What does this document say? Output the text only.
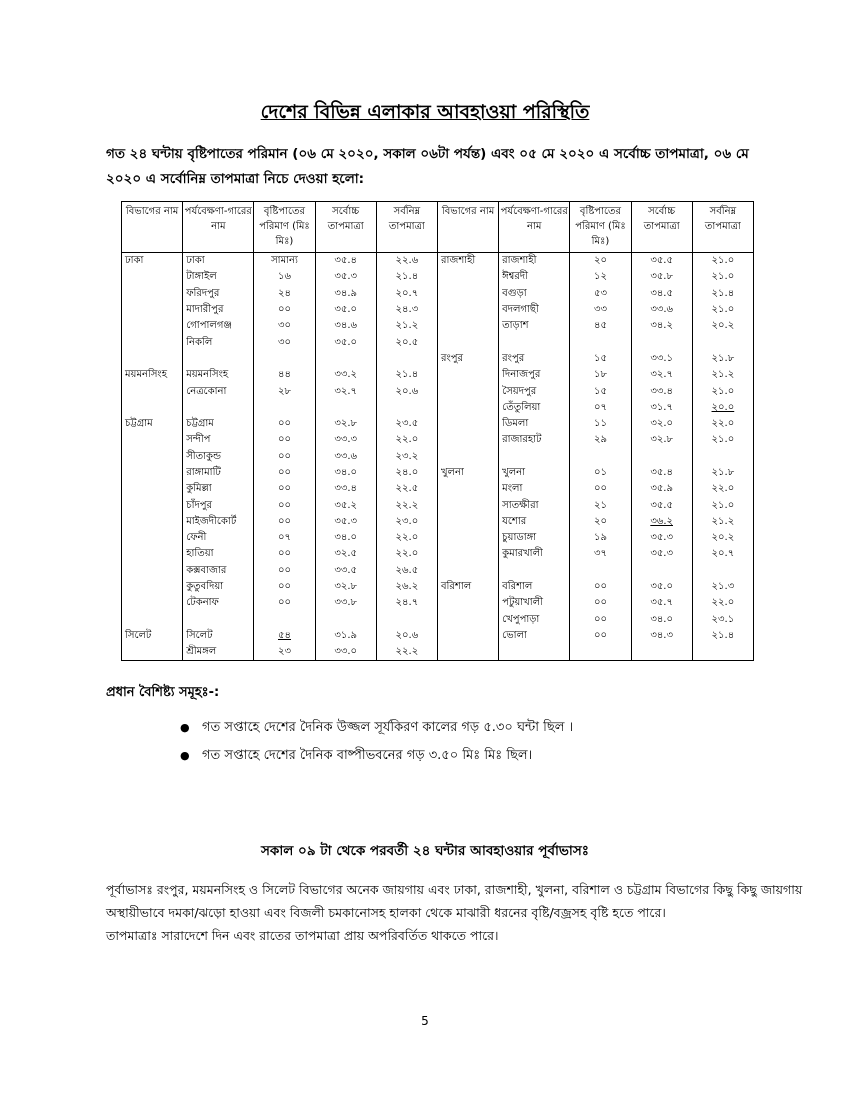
দেশের বিভিন্ন এলাকার আবহাওয়া পরিস্থিতি
গত ২৪ ঘন্টায় বৃষ্টিপাতের পরিমান (০৬ মে ২০২০, সকাল ০৬টা পর্যন্ত) এবং ০৫ মে ২০২০ এ সর্বোচ্চ তাপমাত্রা, ০৬ মে ২০২০ এ সর্বোনিম্ন তাপমাত্রা নিচে দেওয়া হলো:
বিভাগের নাম	পর্যবেক্ষণা-গারের নাম	বৃষ্টিপাতের পরিমাণ (মিঃ মিঃ)	সর্বোচ্চ তাপমাত্রা	সর্বনিম্ন তাপমাত্রা	বিভাগের নাম	পর্যবেক্ষণা-গারের নাম	বৃষ্টিপাতের পরিমাণ (মিঃ মিঃ)	সর্বোচ্চ তাপমাত্রা	সর্বনিম্ন তাপমাত্রা
ঢাকা	ঢাকা	সামান্য	৩৫.৪	২২.৬	রাজশাহী	রাজশাহী	২০	৩৫.৫	২১.০
	টাঙ্গাইল	১৬	৩৫.৩	২১.৪		ঈশ্বরদী	১২	৩৫.৮	২১.০
	ফরিদপুর	২৪	৩৪.৯	২০.৭		বগুড়া	৫৩	৩৪.৫	২১.৪
	মাদারীপুর	০০	৩৫.০	২৪.৩		বদলগাছী	৩৩	৩৩.৬	২১.০
	গোপালগঞ্জ	৩০	৩৪.৬	২১.২		তাড়াশ	৪৫	৩৪.২	২০.২
	নিকলি	৩০	৩৫.০	২০.৫					
					রংপুর	রংপুর	১৫	৩৩.১	২১.৮
ময়মনসিংহ	ময়মনসিংহ	৪৪	৩৩.২	২১.৪		দিনাজপুর	১৮	৩২.৭	২১.২
	নেত্রকোনা	২৮	৩২.৭	২০.৬		সৈয়দপুর	১৫	৩৩.৪	২১.০
						তেঁতুলিয়া	০৭	৩১.৭	২০.০
চট্টগ্রাম	চট্টগ্রাম	০০	৩২.৮	২৩.৫		ডিমলা	১১	৩২.০	২২.০
	সন্দীপ	০০	৩৩.৩	২২.০		রাজারহাট	২৯	৩২.৮	২১.০
	সীতাকুন্ড	০০	৩৩.৬	২৩.২					
	রাঙ্গামাটি	০০	৩৪.০	২৪.০	খুলনা	খুলনা	০১	৩৫.৪	২১.৮
	কুমিল্লা	০০	৩৩.৪	২২.৫		মংলা	০০	৩৫.৯	২২.০
	চাঁদপুর	০০	৩৫.২	২২.২		সাতক্ষীরা	২১	৩৫.৫	২১.০
	মাইজদীকোর্ট	০০	৩৫.৩	২৩.০		যশোর	২০	৩৬.২	২১.২
	ফেনী	০৭	৩৪.০	২২.০		চুয়াডাঙ্গা	১৯	৩৫.৩	২০.২
	হাতিয়া	০০	৩২.৫	২২.০		কুমারখালী	৩৭	৩৫.৩	২০.৭
	কক্সবাজার	০০	৩৩.৫	২৬.৫					
	কুতুবদিয়া	০০	৩২.৮	২৬.২	বরিশাল	বরিশাল	০০	৩৫.০	২১.৩
	টেকনাফ	০০	৩৩.৮	২৪.৭		পটুয়াখালী	০০	৩৫.৭	২২.০
						খেপুপাড়া	০০	৩৪.০	২৩.১
সিলেট	সিলেট	৫৪	৩১.৯	২০.৬		ভোলা	০০	৩৪.৩	২১.৪
	শ্রীমঙ্গল	২৩	৩৩.০	২২.২					
প্রধান বৈশিষ্ট্য সমূহঃ-:
● গত সপ্তাহে দেশের দৈনিক উজ্জল সূর্যকিরণ কালের গড় ৫.৩০ ঘন্টা ছিল ।
● গত সপ্তাহে দেশের দৈনিক বাষ্পীভবনের গড় ৩.৫০ মিঃ মিঃ ছিল।
সকাল ০৯ টা থেকে পরবর্তী ২৪ ঘন্টার আবহাওয়ার পূর্বাভাসঃ

পূর্বাভাসঃ রংপুর, ময়মনসিংহ ও সিলেট বিভাগের অনেক জায়গায় এবং ঢাকা, রাজশাহী, খুলনা, বরিশাল ও চট্টগ্রাম বিভাগের কিছু কিছু জায়গায় অস্থায়ীভাবে দমকা/ঝড়ো হাওয়া এবং বিজলী চমকানোসহ হালকা থেকে মাঝারী ধরনের বৃষ্টি/বজ্রসহ বৃষ্টি হতে পারে।

তাপমাত্রাঃ সারাদেশে দিন এবং রাতের তাপমাত্রা প্রায় অপরিবর্তিত থাকতে পারে।

5
